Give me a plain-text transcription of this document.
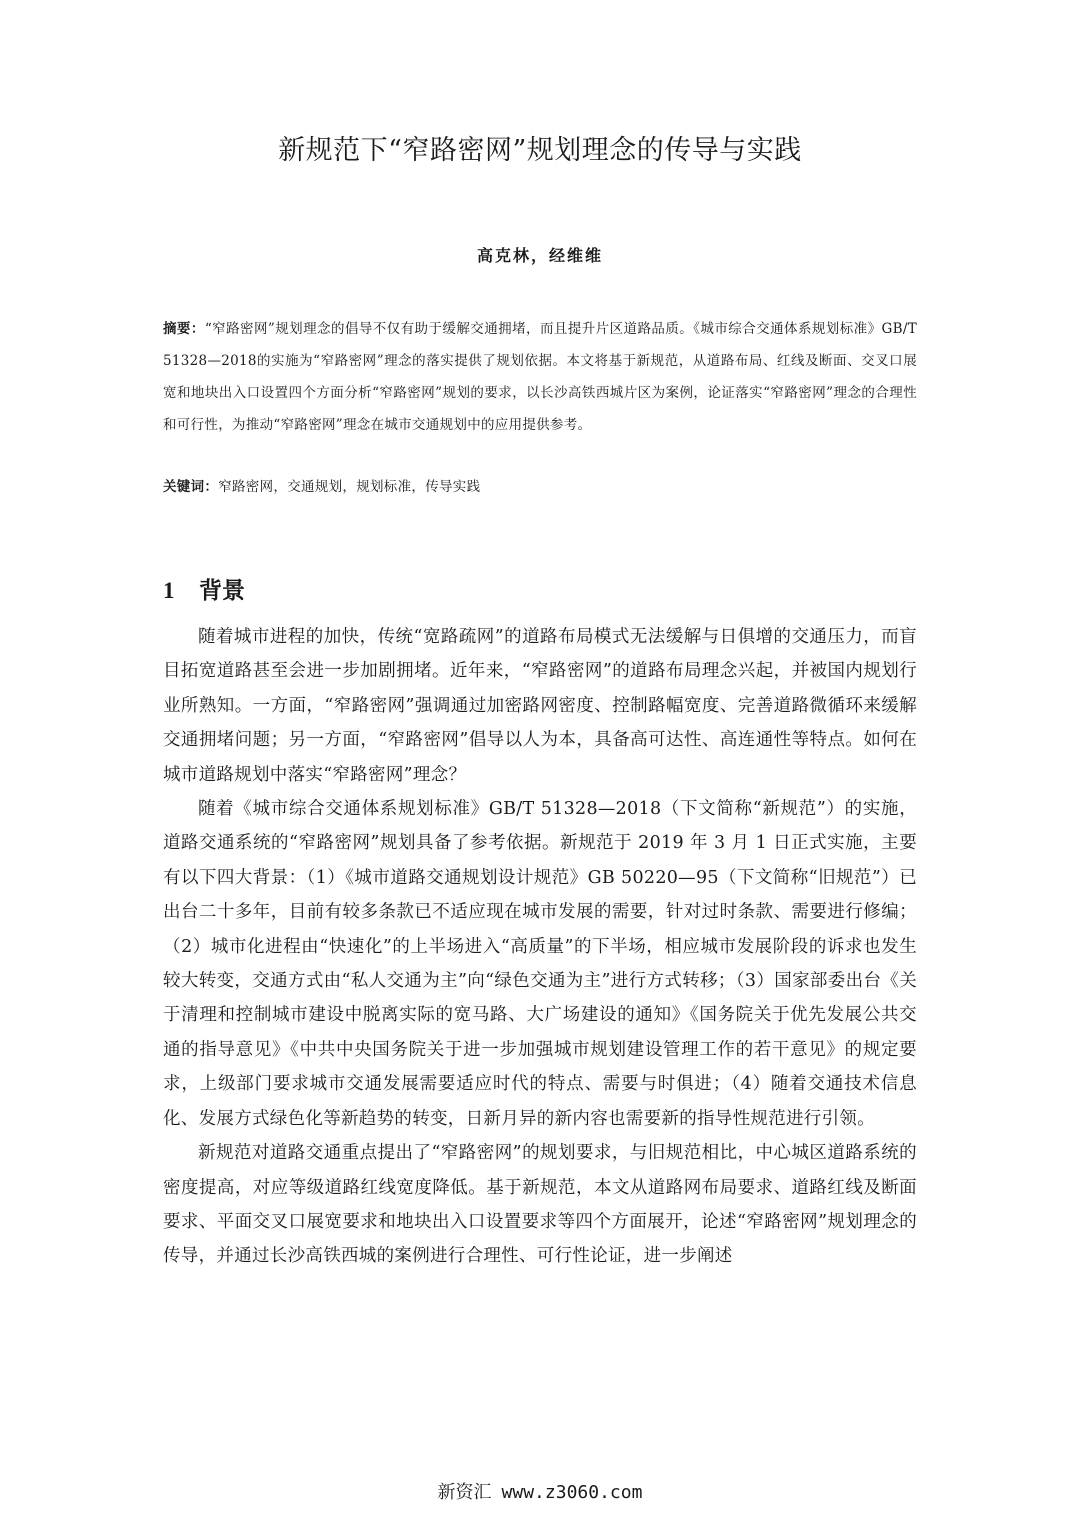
新规范下“窄路密网”规划理念的传导与实践
高克林，经维维
摘要：“窄路密网”规划理念的倡导不仅有助于缓解交通拥堵，而且提升片区道路品质。《城市综合交通体系规划标准》GB/T 51328—2018的实施为“窄路密网”理念的落实提供了规划依据。本文将基于新规范，从道路布局、红线及断面、交叉口展宽和地块出入口设置四个方面分析“窄路密网”规划的要求，以长沙高铁西城片区为案例，论证落实“窄路密网”理念的合理性和可行性，为推动“窄路密网”理念在城市交通规划中的应用提供参考。
关键词：窄路密网，交通规划，规划标准，传导实践
1 背景

随着城市进程的加快，传统“宽路疏网”的道路布局模式无法缓解与日俱增的交通压力，而盲目拓宽道路甚至会进一步加剧拥堵。近年来，“窄路密网”的道路布局理念兴起，并被国内规划行业所熟知。一方面，“窄路密网”强调通过加密路网密度、控制路幅宽度、完善道路微循环来缓解交通拥堵问题；另一方面，“窄路密网”倡导以人为本，具备高可达性、高连通性等特点。如何在城市道路规划中落实“窄路密网”理念？

随着《城市综合交通体系规划标准》GB/T 51328—2018（下文简称“新规范”）的实施，道路交通系统的“窄路密网”规划具备了参考依据。新规范于 2019 年 3 月 1 日正式实施，主要有以下四大背景：（1）《城市道路交通规划设计规范》GB 50220—95（下文简称“旧规范”）已出台二十多年，目前有较多条款已不适应现在城市发展的需要，针对过时条款、需要进行修编；（2）城市化进程由“快速化”的上半场进入“高质量”的下半场，相应城市发展阶段的诉求也发生较大转变，交通方式由“私人交通为主”向“绿色交通为主”进行方式转移；（3）国家部委出台《关于清理和控制城市建设中脱离实际的宽马路、大广场建设的通知》《国务院关于优先发展公共交通的指导意见》《中共中央国务院关于进一步加强城市规划建设管理工作的若干意见》的规定要求，上级部门要求城市交通发展需要适应时代的特点、需要与时俱进；（4）随着交通技术信息化、发展方式绿色化等新趋势的转变，日新月异的新内容也需要新的指导性规范进行引领。

新规范对道路交通重点提出了“窄路密网”的规划要求，与旧规范相比，中心城区道路系统的密度提高，对应等级道路红线宽度降低。基于新规范，本文从道路网布局要求、道路红线及断面要求、平面交叉口展宽要求和地块出入口设置要求等四个方面展开，论述“窄路密网”规划理念的传导，并通过长沙高铁西城的案例进行合理性、可行性论证，进一步阐述

新资汇 www.z3060.com
